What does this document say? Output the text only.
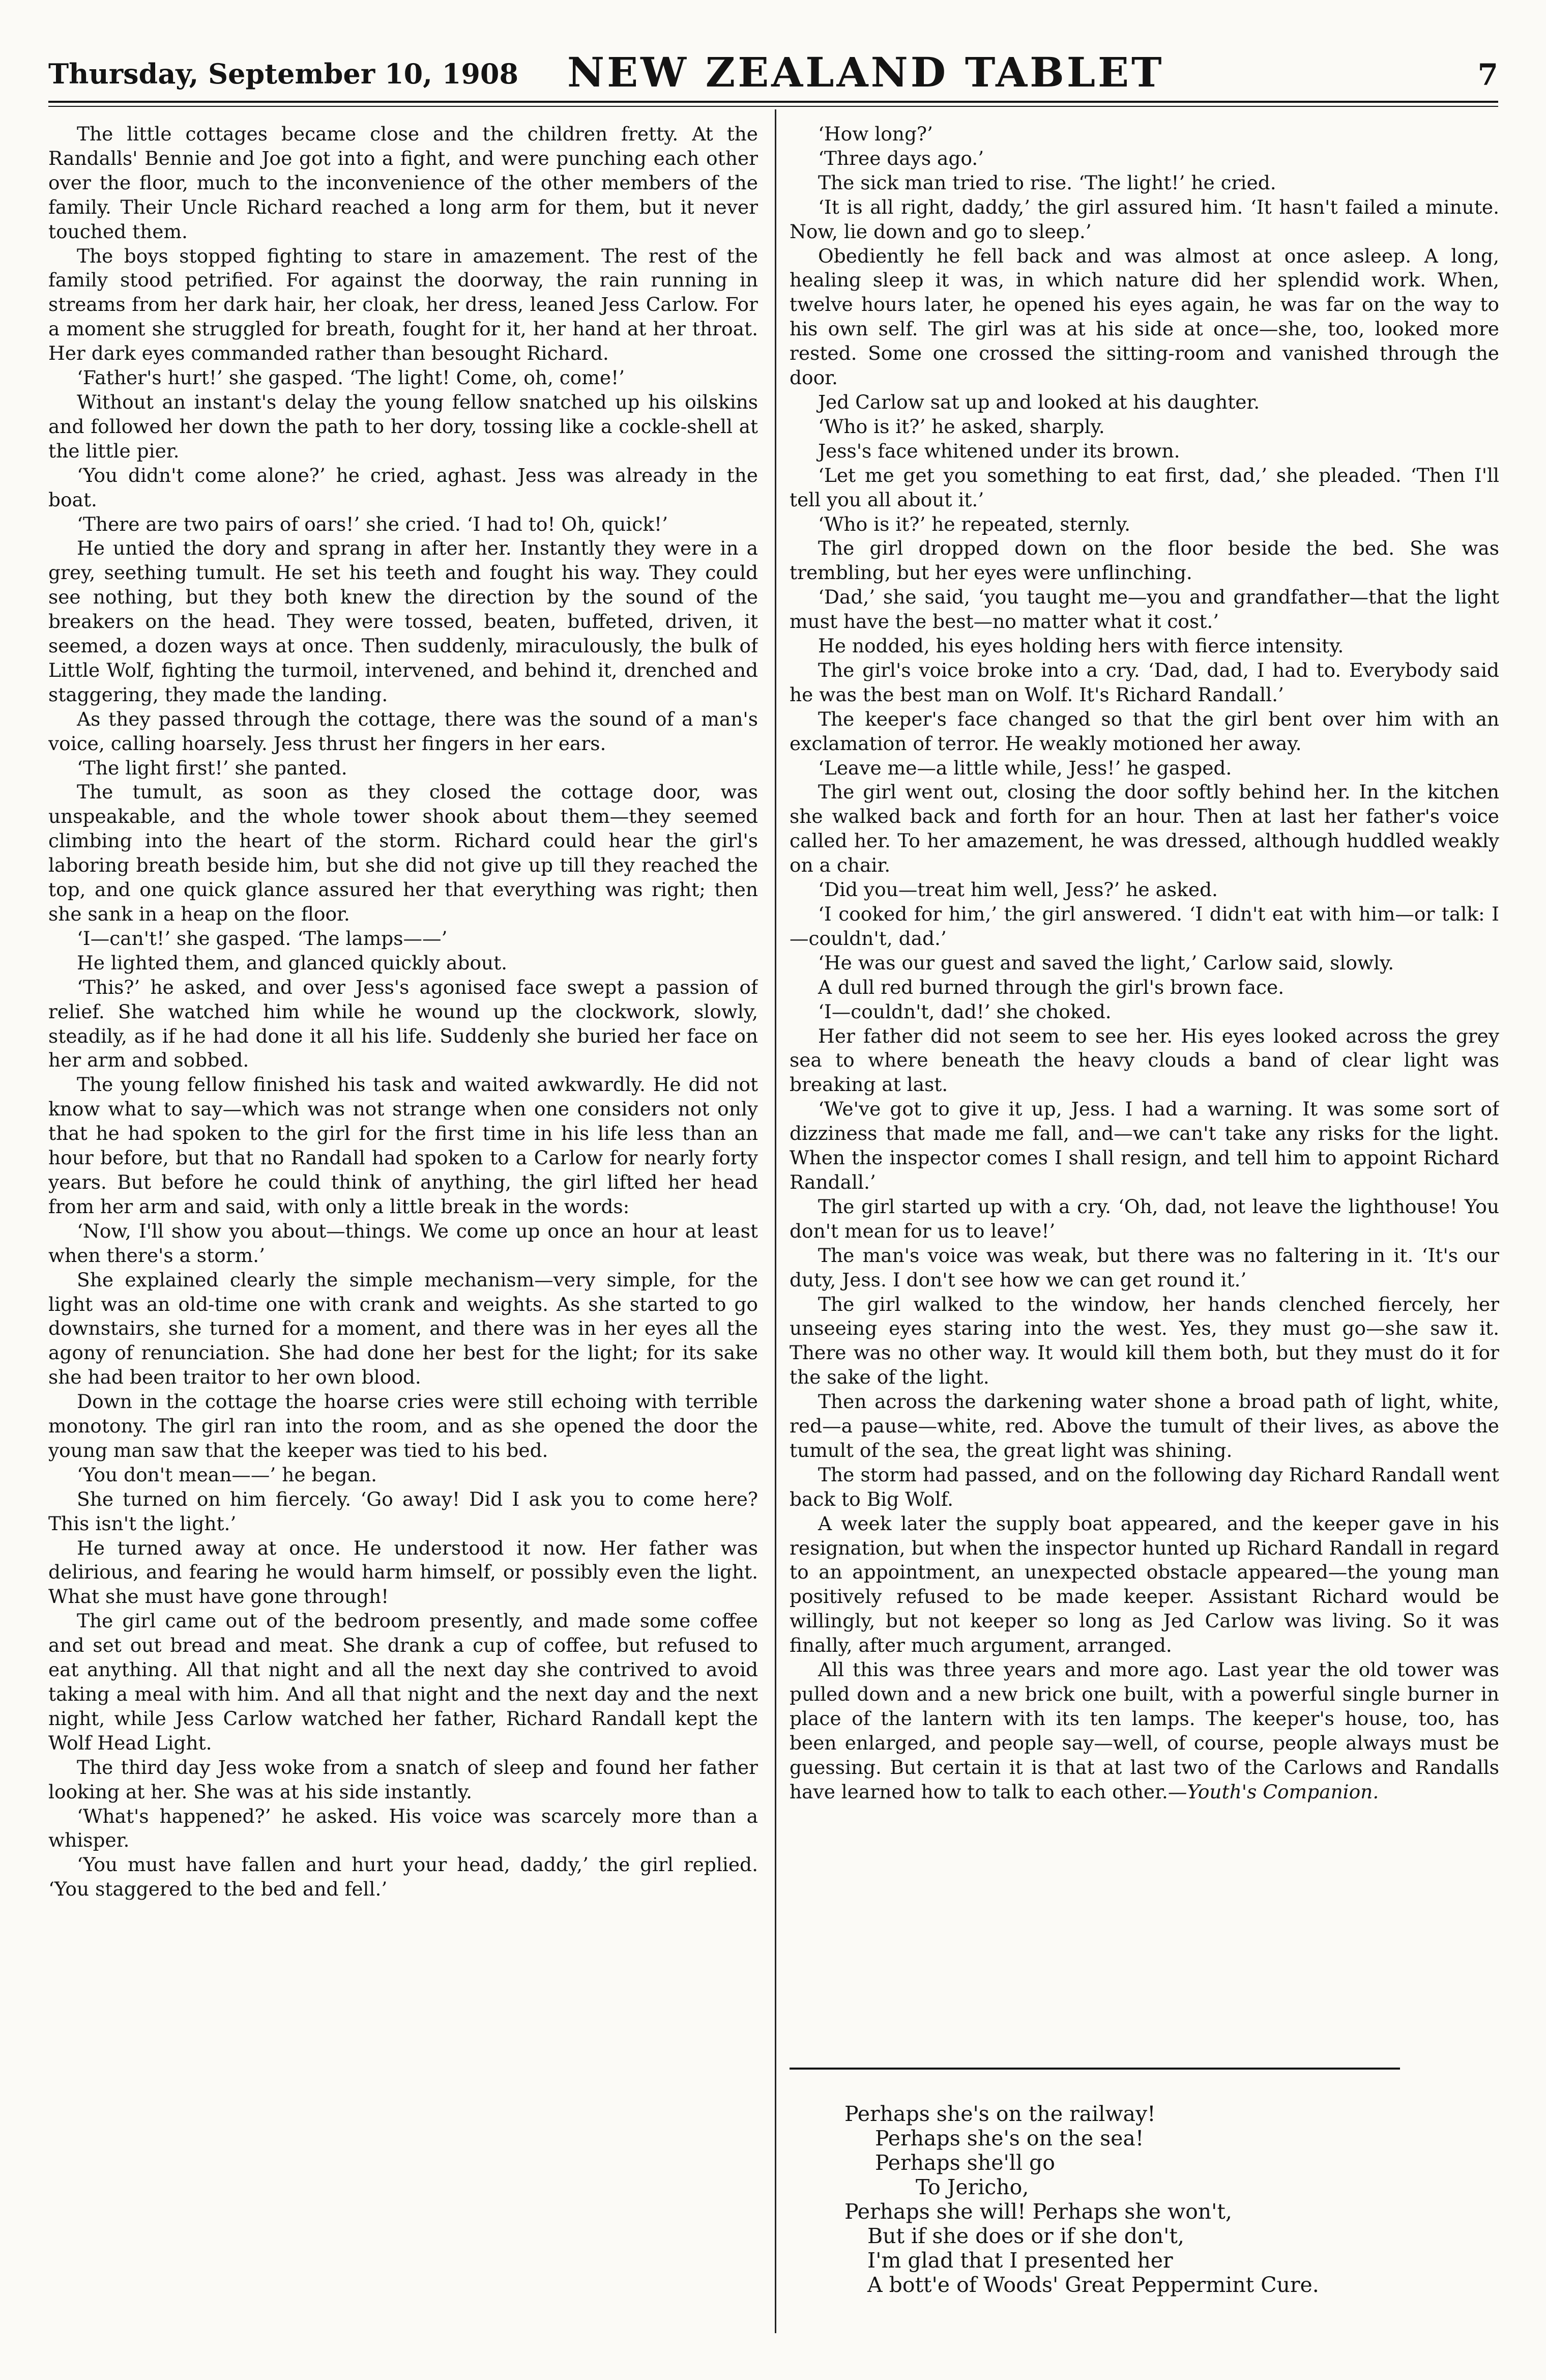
Thursday, September 10, 1908 NEW ZEALAND TABLET	7

The little cottages became close and the children fretty. At the Randalls' Bennie and Joe got into a fight, and were punching each other over the floor, much to the inconvenience of the other members of the family. Their Uncle Richard reached a long arm for them, but it never touched them.

The boys stopped fighting to stare in amazement. The rest of the family stood petrified. For against the doorway, the rain running in streams from her dark hair, her cloak, her dress, leaned Jess Carlow. For a moment she struggled for breath, fought for it, her hand at her throat. Her dark eyes commanded rather than besought Richard.

‘Father's hurt!’ she gasped. ‘The light! Come, oh, come!’

Without an instant's delay the young fellow snatched up his oilskins and followed her down the path to her dory, tossing like a cockle-shell at the little pier.

‘You didn't come alone?’ he cried, aghast. Jess was already in the boat.

‘There are two pairs of oars!’ she cried. ‘I had to! Oh, quick!’

He untied the dory and sprang in after her. Instantly they were in a grey, seething tumult. He set his teeth and fought his way. They could see nothing, but they both knew the direction by the sound of the breakers on the head. They were tossed, beaten, buffeted, driven, it seemed, a dozen ways at once. Then suddenly, miraculously, the bulk of Little Wolf, fighting the turmoil, intervened, and behind it, drenched and staggering, they made the landing.

As they passed through the cottage, there was the sound of a man's voice, calling hoarsely. Jess thrust her fingers in her ears.

‘The light first!’ she panted.

The tumult, as soon as they closed the cottage door, was unspeakable, and the whole tower shook about them—they seemed climbing into the heart of the storm. Richard could hear the girl's laboring breath beside him, but she did not give up till they reached the top, and one quick glance assured her that everything was right; then she sank in a heap on the floor.

‘I—can't!’ she gasped. ‘The lamps——’

He lighted them, and glanced quickly about.

‘This?’ he asked, and over Jess's agonised face swept a passion of relief. She watched him while he wound up the clockwork, slowly, steadily, as if he had done it all his life. Suddenly she buried her face on her arm and sobbed.

The young fellow finished his task and waited awkwardly. He did not know what to say—which was not strange when one considers not only that he had spoken to the girl for the first time in his life less than an hour before, but that no Randall had spoken to a Carlow for nearly forty years. But before he could think of anything, the girl lifted her head from her arm and said, with only a little break in the words:

‘Now, I'll show you about—things. We come up once an hour at least when there's a storm.’

She explained clearly the simple mechanism—very simple, for the light was an old-time one with crank and weights. As she started to go downstairs, she turned for a moment, and there was in her eyes all the agony of renunciation. She had done her best for the light; for its sake she had been traitor to her own blood.

Down in the cottage the hoarse cries were still echoing with terrible monotony. The girl ran into the room, and as she opened the door the young man saw that the keeper was tied to his bed.

‘You don't mean——’ he began.

She turned on him fiercely. ‘Go away! Did I ask you to come here? This isn't the light.’

He turned away at once. He understood it now. Her father was delirious, and fearing he would harm himself, or possibly even the light. What she must have gone through!

The girl came out of the bedroom presently, and made some coffee and set out bread and meat. She drank a cup of coffee, but refused to eat anything. All that night and all the next day she contrived to avoid taking a meal with him. And all that night and the next day and the next night, while Jess Carlow watched her father, Richard Randall kept the Wolf Head Light.

The third day Jess woke from a snatch of sleep and found her father looking at her. She was at his side instantly.

‘What's happened?’ he asked. His voice was scarcely more than a whisper.

‘You must have fallen and hurt your head, daddy,’ the girl replied. ‘You staggered to the bed and fell.’

‘How long?’

‘Three days ago.’

The sick man tried to rise. ‘The light!’ he cried.

‘It is all right, daddy,’ the girl assured him. ‘It hasn't failed a minute. Now, lie down and go to sleep.’

Obediently he fell back and was almost at once asleep. A long, healing sleep it was, in which nature did her splendid work. When, twelve hours later, he opened his eyes again, he was far on the way to his own self. The girl was at his side at once—she, too, looked more rested. Some one crossed the sitting-room and vanished through the door.

Jed Carlow sat up and looked at his daughter.

‘Who is it?’ he asked, sharply.

Jess's face whitened under its brown.

‘Let me get you something to eat first, dad,’ she pleaded. ‘Then I'll tell you all about it.’

‘Who is it?’ he repeated, sternly.

The girl dropped down on the floor beside the bed. She was trembling, but her eyes were unflinching.

‘Dad,’ she said, ‘you taught me—you and grandfather—that the light must have the best—no matter what it cost.’

He nodded, his eyes holding hers with fierce intensity.

The girl's voice broke into a cry. ‘Dad, dad, I had to. Everybody said he was the best man on Wolf. It's Richard Randall.’

The keeper's face changed so that the girl bent over him with an exclamation of terror. He weakly motioned her away.

‘Leave me—a little while, Jess!’ he gasped.

The girl went out, closing the door softly behind her. In the kitchen she walked back and forth for an hour. Then at last her father's voice called her. To her amazement, he was dressed, although huddled weakly on a chair.

‘Did you—treat him well, Jess?’ he asked.

‘I cooked for him,’ the girl answered. ‘I didn't eat with him—or talk: I—couldn't, dad.’

‘He was our guest and saved the light,’ Carlow said, slowly.

A dull red burned through the girl's brown face.

‘I—couldn't, dad!’ she choked.

Her father did not seem to see her. His eyes looked across the grey sea to where beneath the heavy clouds a band of clear light was breaking at last.

‘We've got to give it up, Jess. I had a warning. It was some sort of dizziness that made me fall, and—we can't take any risks for the light. When the inspector comes I shall resign, and tell him to appoint Richard Randall.’

The girl started up with a cry. ‘Oh, dad, not leave the lighthouse! You don't mean for us to leave!’

The man's voice was weak, but there was no faltering in it. ‘It's our duty, Jess. I don't see how we can get round it.’

The girl walked to the window, her hands clenched fiercely, her unseeing eyes staring into the west. Yes, they must go—she saw it. There was no other way. It would kill them both, but they must do it for the sake of the light.

Then across the darkening water shone a broad path of light, white, red—a pause—white, red. Above the tumult of their lives, as above the tumult of the sea, the great light was shining.

The storm had passed, and on the following day Richard Randall went back to Big Wolf.

A week later the supply boat appeared, and the keeper gave in his resignation, but when the inspector hunted up Richard Randall in regard to an appointment, an unexpected obstacle appeared—the young man positively refused to be made keeper. Assistant Richard would be willingly, but not keeper so long as Jed Carlow was living. So it was finally, after much argument, arranged.

All this was three years and more ago. Last year the old tower was pulled down and a new brick one built, with a powerful single burner in place of the lantern with its ten lamps. The keeper's house, too, has been enlarged, and people say—well, of course, people always must be guessing. But certain it is that at last two of the Carlows and Randalls have learned how to talk to each other.—Youth's Companion.

Perhaps she's on the railway!
Perhaps she's on the sea!
Perhaps she'll go
To Jericho,
Perhaps she will! Perhaps she won't,
But if she does or if she don't,
I'm glad that I presented her
A bott'e of Woods' Great Peppermint Cure.
